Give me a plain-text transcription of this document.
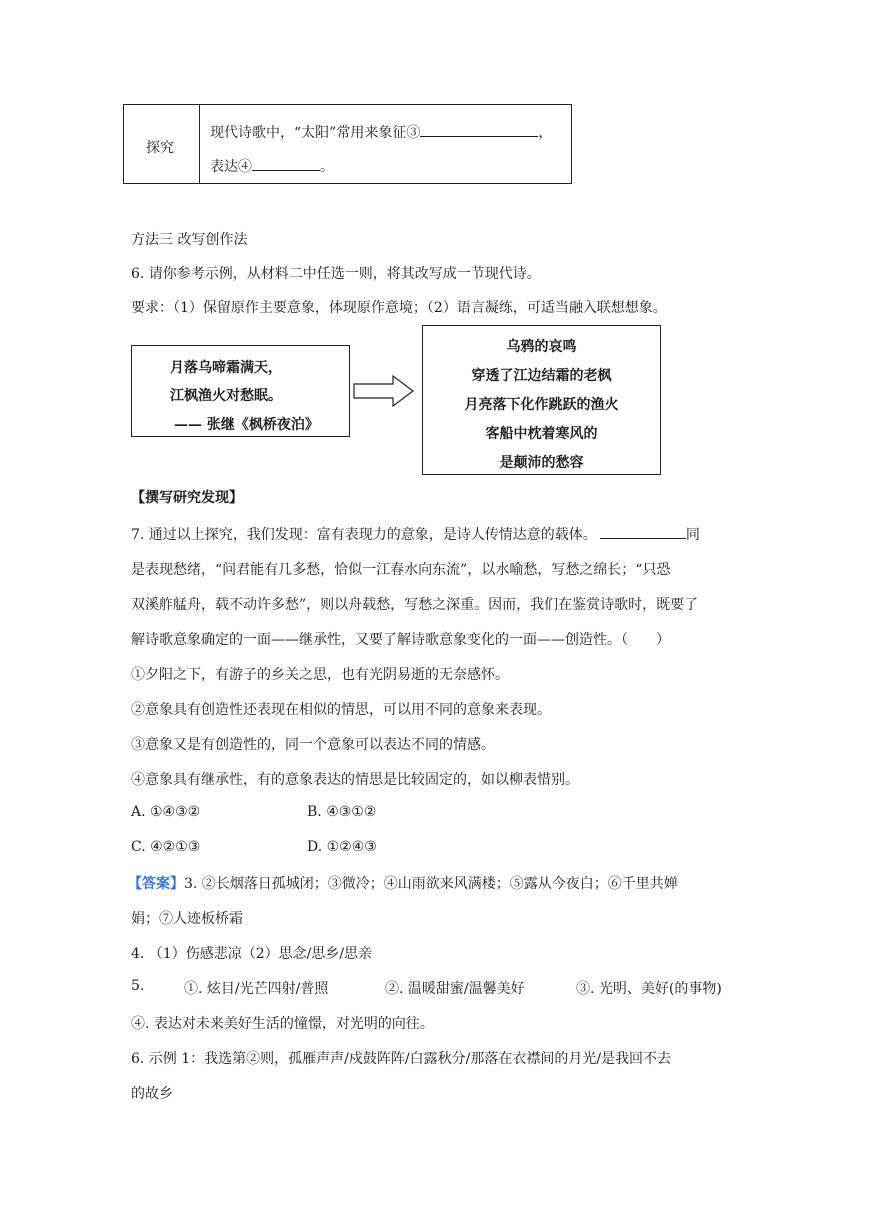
探究
现代诗歌中，“太阳”常用来象征③	，
表达④	。
方法三 改写创作法
6. 请你参考示例，从材料二中任选一则，将其改写成一节现代诗。
要求：（1）保留原作主要意象，体现原作意境；（2）语言凝练，可适当融入联想想象。
月落乌啼霜满天，
江枫渔火对愁眠。
—— 张继《枫桥夜泊》
乌鸦的哀鸣
穿透了江边结霜的老枫
月亮落下化作跳跃的渔火
客船中枕着寒风的
是颠沛的愁容
【撰写研究发现】
7. 通过以上探究，我们发现：富有表现力的意象，是诗人传情达意的载体。	同
是表现愁绪，“问君能有几多愁，恰似一江春水向东流”，以水喻愁，写愁之绵长；“只恐
双溪舴艋舟，载不动许多愁”，则以舟载愁，写愁之深重。因而，我们在鉴赏诗歌时，既要了
解诗歌意象确定的一面——继承性，又要了解诗歌意象变化的一面——创造性。（　　）
①夕阳之下，有游子的乡关之思，也有光阴易逝的无奈感怀。
②意象具有创造性还表现在相似的情思，可以用不同的意象来表现。
③意象又是有创造性的，同一个意象可以表达不同的情感。
④意象具有继承性，有的意象表达的情思是比较固定的，如以柳表惜别。
A. ①④③②	B. ④③①②
C. ④②①③	D. ①②④③
【答案】3. ②长烟落日孤城闭；③微冷；④山雨欲来风满楼；⑤露从今夜白；⑥千里共婵
娟；⑦人迹板桥霜
4. （1）伤感悲凉（2）思念/思乡/思亲
5.	①. 炫目/光芒四射/普照	②. 温暖甜蜜/温馨美好	③. 光明、美好(的事物)
④. 表达对未来美好生活的憧憬，对光明的向往。
6. 示例 1：我选第②则，孤雁声声/戍鼓阵阵/白露秋分/那落在衣襟间的月光/是我回不去
的故乡
